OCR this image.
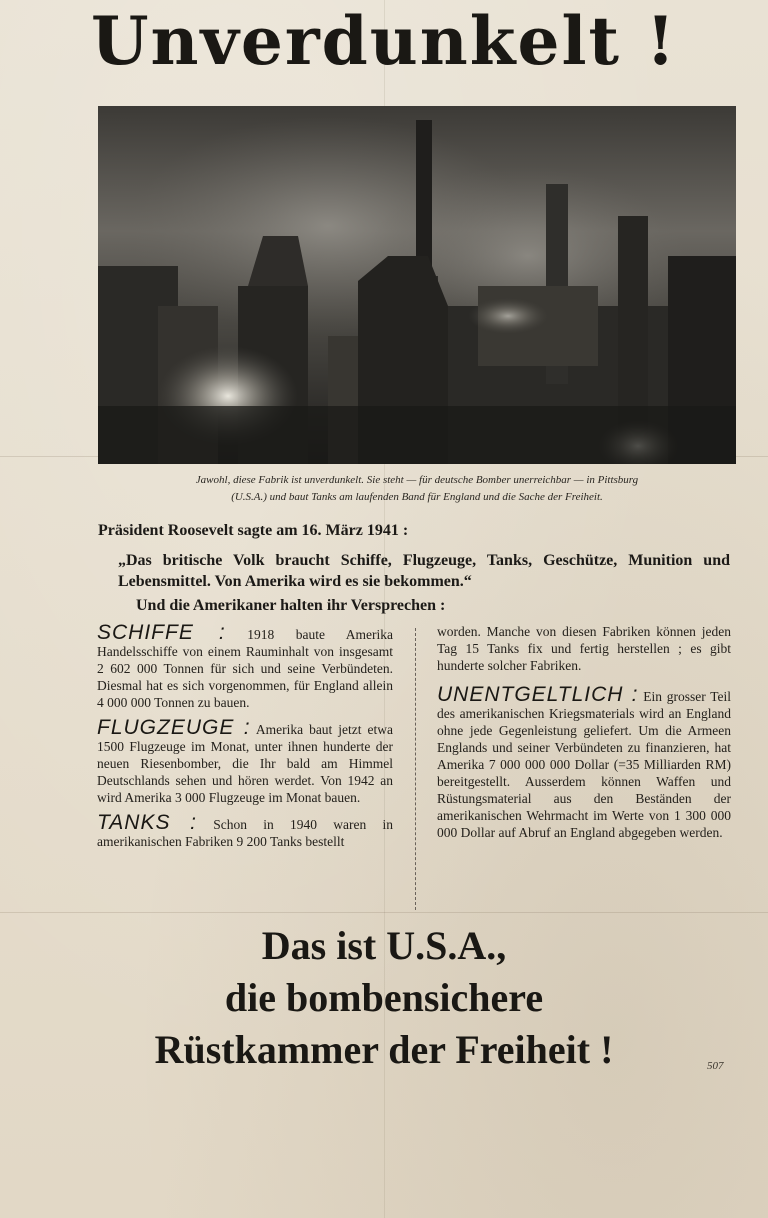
Unverdunkelt !
Jawohl, diese Fabrik ist unverdunkelt. Sie steht — für deutsche Bomber unerreichbar — in Pittsburg
(U.S.A.) und baut Tanks am laufenden Band für England und die Sache der Freiheit.
Präsident Roosevelt sagte am 16. März 1941 :
„Das britische Volk braucht Schiffe, Flugzeuge, Tanks, Geschütze, Munition und Lebensmittel. Von Amerika wird es sie bekommen.“
Und die Amerikaner halten ihr Versprechen :

SCHIFFE : 1918 baute Amerika Handelsschiffe von einem Rauminhalt von insgesamt 2 602 000 Tonnen für sich und seine Verbündeten. Diesmal hat es sich vorgenommen, für England allein 4 000 000 Tonnen zu bauen.

FLUGZEUGE : Amerika baut jetzt etwa 1500 Flugzeuge im Monat, unter ihnen hunderte der neuen Riesenbomber, die Ihr bald am Himmel Deutschlands sehen und hören werdet. Von 1942 an wird Amerika 3 000 Flugzeuge im Monat bauen.

TANKS : Schon in 1940 waren in amerikanischen Fabriken 9 200 Tanks bestellt

worden. Manche von diesen Fabriken können jeden Tag 15 Tanks fix und fertig herstellen ; es gibt hunderte solcher Fabriken.

UNENTGELTLICH : Ein grosser Teil des amerikanischen Kriegsmaterials wird an England ohne jede Gegenleistung geliefert. Um die Armeen Englands und seiner Verbündeten zu finanzieren, hat Amerika 7 000 000 000 Dollar (=35 Milliarden RM) bereitgestellt. Ausserdem können Waffen und Rüstungsmaterial aus den Beständen der amerikanischen Wehrmacht im Werte von 1 300 000 000 Dollar auf Abruf an England abgegeben werden.

Das ist U.S.A.,
die bombensichere
Rüstkammer der Freiheit !	507
